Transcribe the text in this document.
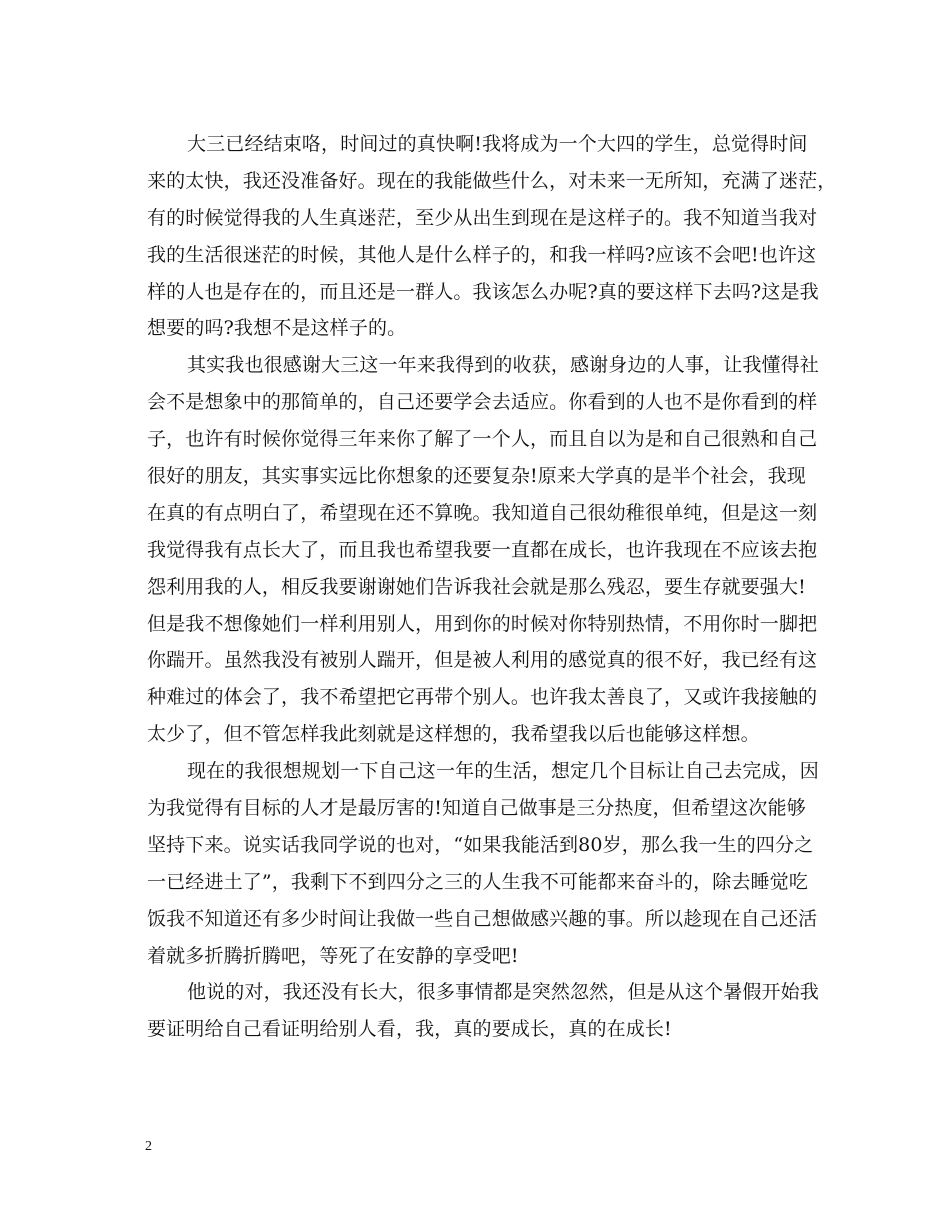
大三已经结束咯，时间过的真快啊!我将成为一个大四的学生，总觉得时间
来的太快，我还没准备好。现在的我能做些什么，对未来一无所知，充满了迷茫，
有的时候觉得我的人生真迷茫，至少从出生到现在是这样子的。我不知道当我对
我的生活很迷茫的时候，其他人是什么样子的，和我一样吗?应该不会吧!也许这
样的人也是存在的，而且还是一群人。我该怎么办呢?真的要这样下去吗?这是我
想要的吗?我想不是这样子的。
其实我也很感谢大三这一年来我得到的收获，感谢身边的人事，让我懂得社
会不是想象中的那简单的，自己还要学会去适应。你看到的人也不是你看到的样
子，也许有时候你觉得三年来你了解了一个人，而且自以为是和自己很熟和自己
很好的朋友，其实事实远比你想象的还要复杂!原来大学真的是半个社会，我现
在真的有点明白了，希望现在还不算晚。我知道自己很幼稚很单纯，但是这一刻
我觉得我有点长大了，而且我也希望我要一直都在成长，也许我现在不应该去抱
怨利用我的人，相反我要谢谢她们告诉我社会就是那么残忍，要生存就要强大!
但是我不想像她们一样利用别人，用到你的时候对你特别热情，不用你时一脚把
你踹开。虽然我没有被别人踹开，但是被人利用的感觉真的很不好，我已经有这
种难过的体会了，我不希望把它再带个别人。也许我太善良了，又或许我接触的
太少了，但不管怎样我此刻就是这样想的，我希望我以后也能够这样想。
现在的我很想规划一下自己这一年的生活，想定几个目标让自己去完成，因
为我觉得有目标的人才是最厉害的!知道自己做事是三分热度，但希望这次能够
坚持下来。说实话我同学说的也对，“如果我能活到80岁，那么我一生的四分之
一已经进土了”，我剩下不到四分之三的人生我不可能都来奋斗的，除去睡觉吃
饭我不知道还有多少时间让我做一些自己想做感兴趣的事。所以趁现在自己还活
着就多折腾折腾吧，等死了在安静的享受吧!
他说的对，我还没有长大，很多事情都是突然忽然，但是从这个暑假开始我
要证明给自己看证明给别人看，我，真的要成长，真的在成长!
2
